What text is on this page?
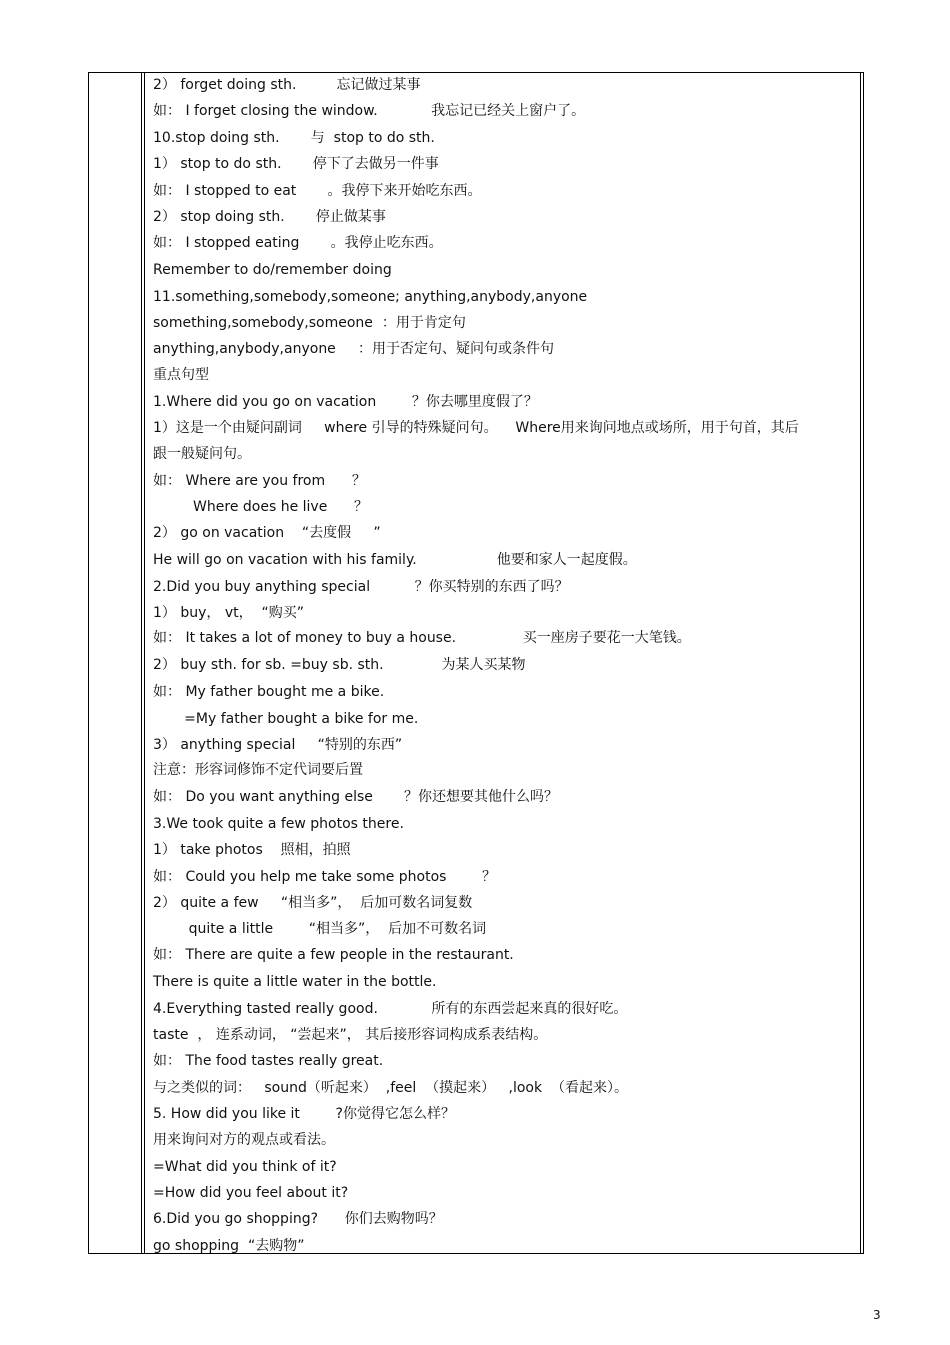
2） forget doing sth.         忘记做过某事
如： I forget closing the window.            我忘记已经关上窗户了。
10.stop doing sth.       与  stop to do sth.
1） stop to do sth.       停下了去做另一件事
如： I stopped to eat       。我停下来开始吃东西。
2） stop doing sth.       停止做某事
如： I stopped eating       。我停止吃东西。
Remember to do/remember doing
11.something,somebody,someone; anything,anybody,anyone
something,somebody,someone  ：用于肯定句
anything,anybody,anyone     ：用于否定句、疑问句或条件句
重点句型
1.Where did you go on vacation        ？你去哪里度假了？
1）这是一个由疑问副词     where 引导的特殊疑问句。    Where用来询问地点或场所，用于句首，其后
跟一般疑问句。
如： Where are you from      ？
Where does he live      ？
2） go on vacation    “去度假     ”
He will go on vacation with his family.                  他要和家人一起度假。
2.Did you buy anything special          ？你买特别的东西了吗？
1） buy， vt，  “购买”
如： It takes a lot of money to buy a house.               买一座房子要花一大笔钱。
2） buy sth. for sb. =buy sb. sth.             为某人买某物
如： My father bought me a bike.
=My father bought a bike for me.
3） anything special     “特别的东西”
注意：形容词修饰不定代词要后置
如： Do you want anything else       ？你还想要其他什么吗？
3.We took quite a few photos there.
1） take photos    照相，拍照
如： Could you help me take some photos        ？
2） quite a few     “相当多”，  后加可数名词复数
quite a little        “相当多”，  后加不可数名词
如： There are quite a few people in the restaurant.
There is quite a little water in the bottle.
4.Everything tasted really good.            所有的东西尝起来真的很好吃。
taste  ， 连系动词， “尝起来”， 其后接形容词构成系表结构。
如： The food tastes really great.
与之类似的词：   sound（听起来）  ,feel  （摸起来）   ,look  （看起来）。
5. How did you like it        ?你觉得它怎么样？
用来询问对方的观点或看法。
=What did you think of it?
=How did you feel about it?
6.Did you go shopping?      你们去购物吗？
go shopping  “去购物”
3
